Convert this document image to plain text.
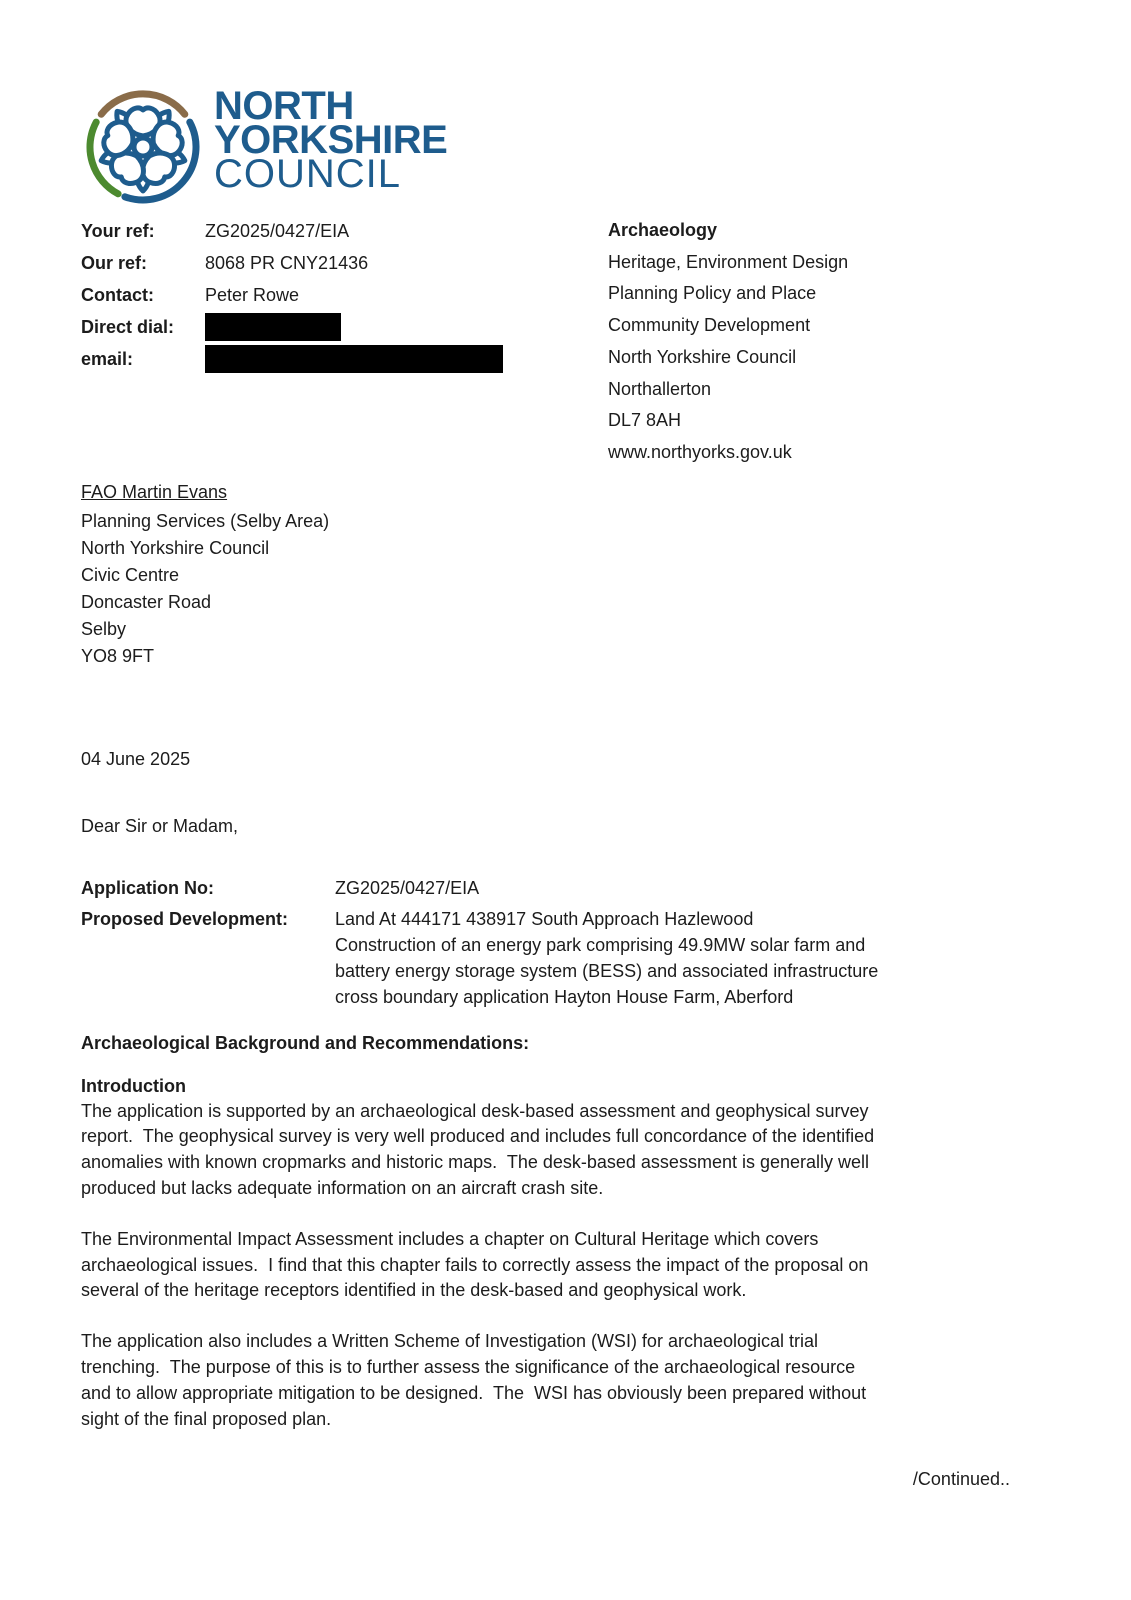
NORTH
YORKSHIRE
COUNCIL
Your ref:	ZG2025/0427/EIA
Our ref:	8068 PR CNY21436
Contact:	Peter Rowe
Direct dial:
email:
Archaeology
Heritage, Environment Design
Planning Policy and Place
Community Development
North Yorkshire Council
Northallerton
DL7 8AH
www.northyorks.gov.uk
FAO Martin Evans
Planning Services (Selby Area)
North Yorkshire Council
Civic Centre
Doncaster Road
Selby
YO8 9FT
04 June 2025
Dear Sir or Madam,
Application No:	ZG2025/0427/EIA
Proposed Development:	Land At 444171 438917 South Approach Hazlewood
Construction of an energy park comprising 49.9MW solar farm and
battery energy storage system (BESS) and associated infrastructure
cross boundary application Hayton House Farm, Aberford
Archaeological Background and Recommendations:
Introduction
The application is supported by an archaeological desk-based assessment and geophysical survey
report.  The geophysical survey is very well produced and includes full concordance of the identified
anomalies with known cropmarks and historic maps.  The desk-based assessment is generally well
produced but lacks adequate information on an aircraft crash site.
The Environmental Impact Assessment includes a chapter on Cultural Heritage which covers
archaeological issues.  I find that this chapter fails to correctly assess the impact of the proposal on
several of the heritage receptors identified in the desk-based and geophysical work.
The application also includes a Written Scheme of Investigation (WSI) for archaeological trial
trenching.  The purpose of this is to further assess the significance of the archaeological resource
and to allow appropriate mitigation to be designed.  The  WSI has obviously been prepared without
sight of the final proposed plan.
/Continued..
